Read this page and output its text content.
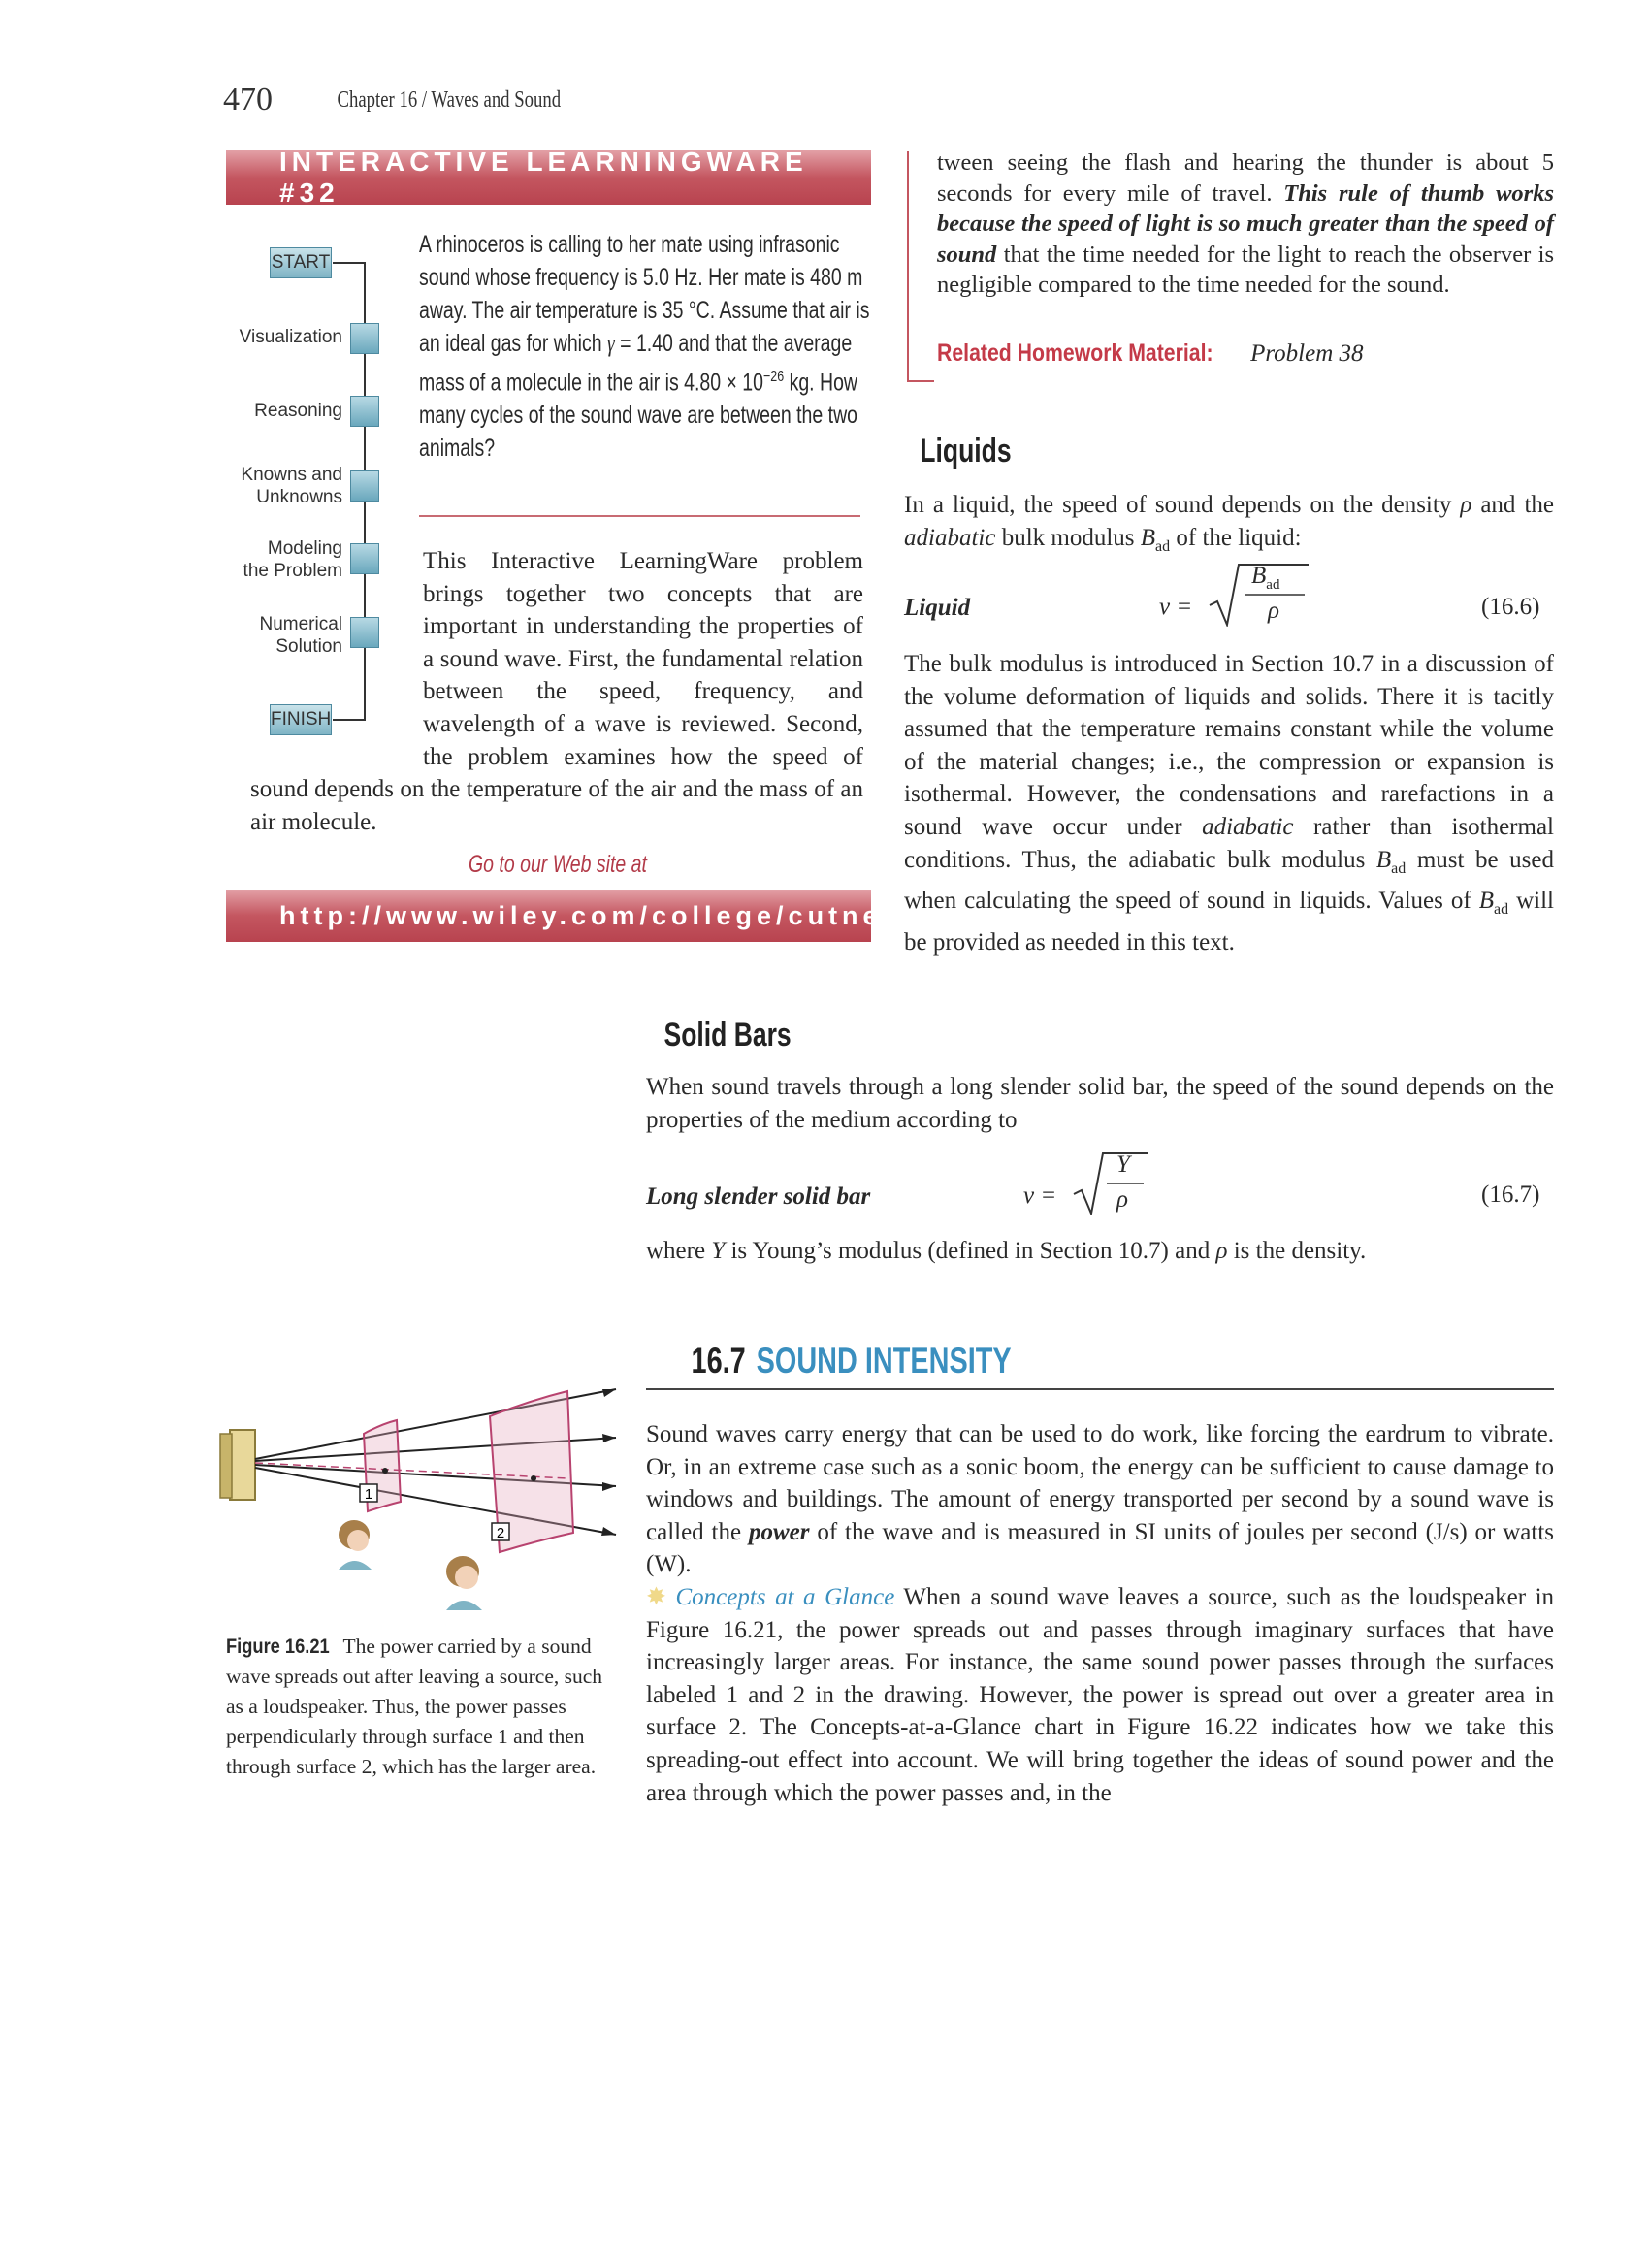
470	Chapter 16 / Waves and Sound
INTERACTIVE LEARNINGWARE #32
START
Visualization
Reasoning
Knowns and
Unknowns
Modeling
the Problem
Numerical
Solution
FINISH
A rhinoceros is calling to her mate using infrasonic sound whose frequency is 5.0 Hz. Her mate is 480 m away. The air temperature is 35 °C. Assume that air is an ideal gas for which γ = 1.40 and that the average mass of a molecule in the air is $4.80 \times 10^{-26}$ kg. How many cycles of the sound wave are between the two animals?

This Interactive LearningWare problem brings together two concepts that are important in understanding the properties of a sound wave. First, the fundamental relation between the speed, frequency, and wavelength of a wave is reviewed. Second, the problem examines how the speed of sound depends on the temperature of the air and the mass of an air molecule.

Go to our Web site at
http://www.wiley.com/college/cutnell

tween seeing the flash and hearing the thunder is about 5 seconds for every mile of travel. This rule of thumb works because the speed of light is so much greater than the speed of sound that the time needed for the light to reach the observer is negligible compared to the time needed for the sound.

Related Homework Material: Problem 38
Liquids

In a liquid, the speed of sound depends on the density ρ and the adiabatic bulk modulus $B_{ad}$ of the liquid:

Liquid	v =
$B_{ad}$
ρ	(16.6)

The bulk modulus is introduced in Section 10.7 in a discussion of the volume deformation of liquids and solids. There it is tacitly assumed that the temperature remains constant while the volume of the material changes; i.e., the compression or expansion is isothermal. However, the condensations and rarefactions in a sound wave occur under adiabatic rather than isothermal conditions. Thus, the adiabatic bulk modulus $B_{ad}$ must be used when calculating the speed of sound in liquids. Values of $B_{ad}$ will be provided as needed in this text.

Solid Bars

When sound travels through a long slender solid bar, the speed of the sound depends on the properties of the medium according to

Long slender solid bar	v =
Y
ρ	(16.7)
where Y is Young’s modulus (defined in Section 10.7) and ρ is the density.
16.7 SOUND INTENSITY

Sound waves carry energy that can be used to do work, like forcing the eardrum to vibrate. Or, in an extreme case such as a sonic boom, the energy can be sufficient to cause damage to windows and buildings. The amount of energy transported per second by a sound wave is called the power of the wave and is measured in SI units of joules per second (J/s) or watts (W).

✸ Concepts at a Glance When a sound wave leaves a source, such as the loudspeaker in Figure 16.21, the power spreads out and passes through imaginary surfaces that have increasingly larger areas. For instance, the same sound power passes through the surfaces labeled 1 and 2 in the drawing. However, the power is spread out over a greater area in surface 2. The Concepts-at-a-Glance chart in Figure 16.22 indicates how we take this spreading-out effect into account. We will bring together the ideas of sound power and the area through which the power passes and, in the

1
2
Figure 16.21 The power carried by a sound wave spreads out after leaving a source, such as a loudspeaker. Thus, the power passes perpendicularly through surface 1 and then through surface 2, which has the larger area.
